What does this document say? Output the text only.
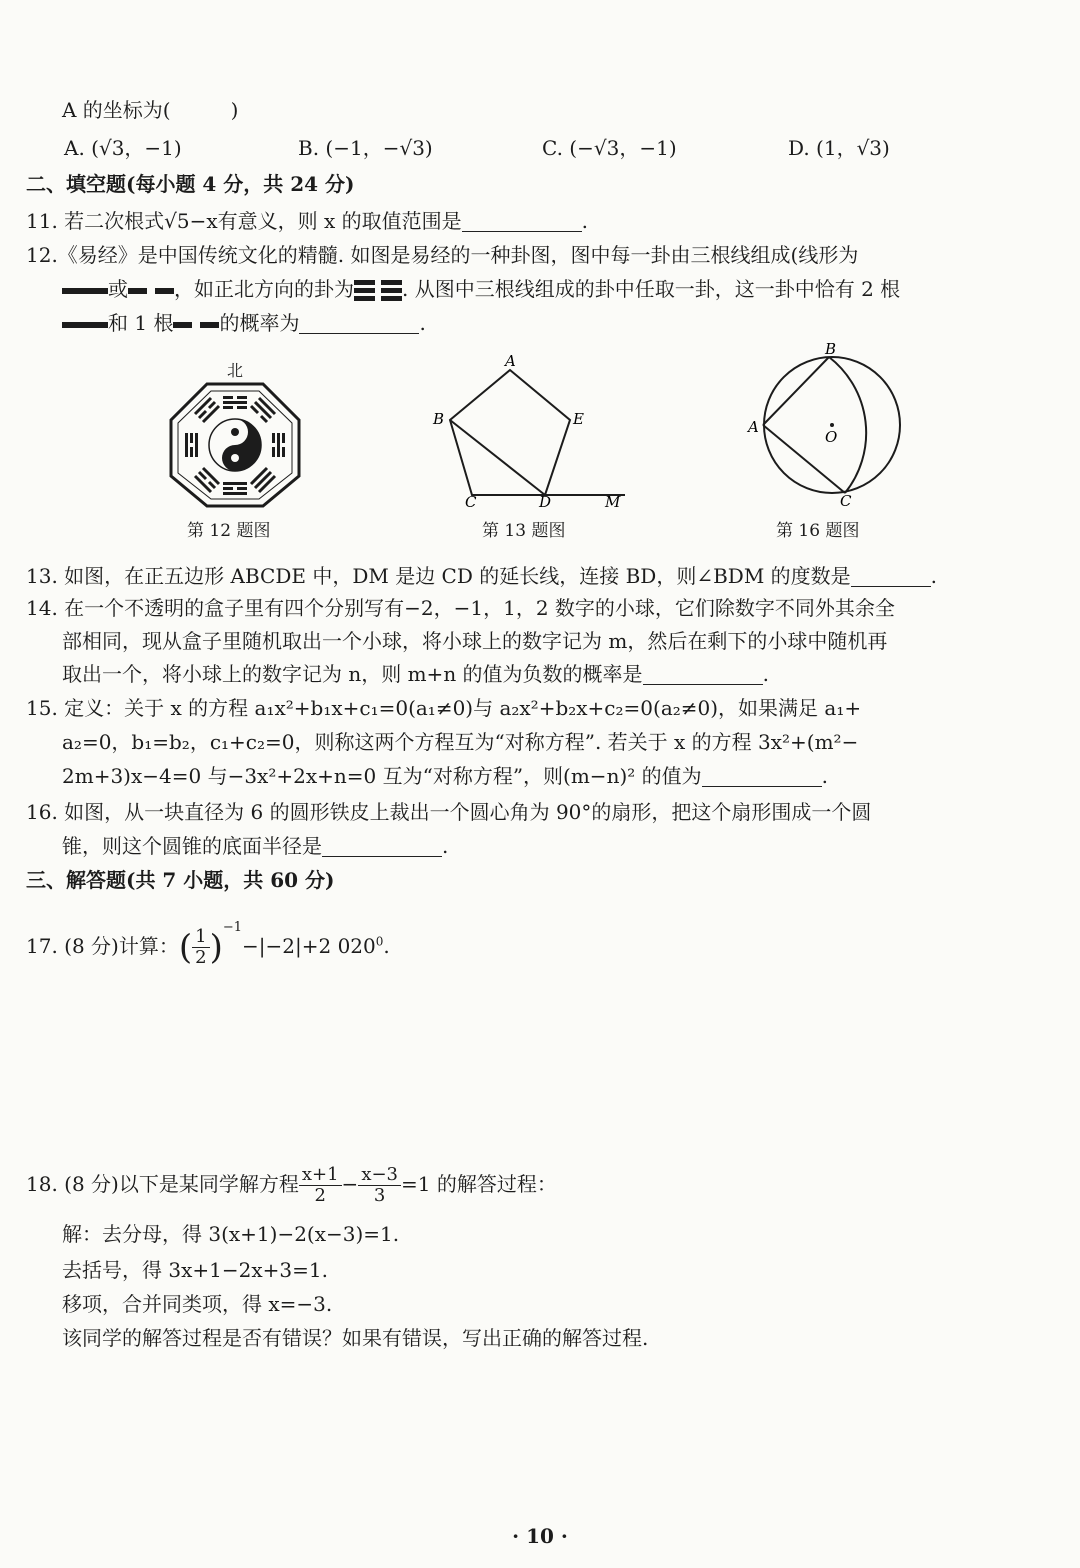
A 的坐标为(　　　)
A. (√3，−1)	B. (−1，−√3)	C. (−√3，−1)	D. (1，√3)
二、填空题(每小题 4 分，共 24 分)
11. 若二次根式√5−x有意义，则 x 的取值范围是	.
12.《易经》是中国传统文化的精髓. 如图是易经的一种卦图，图中每一卦由三根线组成(线形为
或 ，如正北方向的卦为 . 从图中三根线组成的卦中任取一卦，这一卦中恰有 2 根
和 1 根 的概率为	.
北
第 12 题图
A
B
C	D
E
M
第 13 题图
B
A
O
C
第 16 题图
13. 如图，在正五边形 ABCDE 中，DM 是边 CD 的延长线，连接 BD，则∠BDM 的度数是	.
14. 在一个不透明的盒子里有四个分别写有−2，−1，1，2 数字的小球，它们除数字不同外其余全
部相同，现从盒子里随机取出一个小球，将小球上的数字记为 m，然后在剩下的小球中随机再
取出一个，将小球上的数字记为 n，则 m+n 的值为负数的概率是	.
15. 定义：关于 x 的方程 a₁x²+b₁x+c₁=0(a₁≠0)与 a₂x²+b₂x+c₂=0(a₂≠0)，如果满足 a₁+
a₂=0，b₁=b₂，c₁+c₂=0，则称这两个方程互为“对称方程”. 若关于 x 的方程 3x²+(m²−
2m+3)x−4=0 与−3x²+2x+n=0 互为“对称方程”，则(m−n)² 的值为	.
16. 如图，从一块直径为 6 的圆形铁皮上裁出一个圆心角为 90°的扇形，把这个扇形围成一个圆
锥，则这个圆锥的底面半径是	.
三、解答题(共 7 小题，共 60 分)
17. (8 分)计算：( $\frac{1}{2} )^{-1}-|-2|+2$ $020^0$.
18. (8 分)以下是某同学解方程 $\frac{x+1}{2} - \frac{x-3}{3} =1$ 的解答过程：
解：去分母，得 3(x+1)−2(x−3)=1.
去括号，得 3x+1−2x+3=1.
移项，合并同类项，得 x=−3.
该同学的解答过程是否有错误？如果有错误，写出正确的解答过程.
· 10 ·
